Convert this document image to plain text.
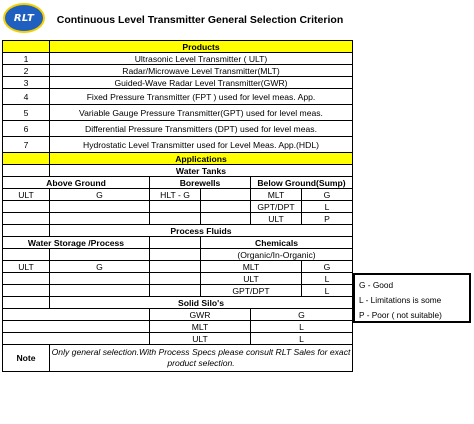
RLT	Continuous Level Transmitter General Selection Criterion
	Products				
1	Ultrasonic Level Transmitter ( ULT)				
2	Radar/Microwave Level Transmitter(MLT)				
3	Guided-Wave Radar Level Transmitter(GWR)				
4	Fixed Pressure Transmitter (FPT ) used for level meas. App.				
5	Variable Gauge Pressure Transmitter(GPT) used for level meas.				
6	Differential Pressure Transmitters (DPT) used for level meas.				
7	Hydrostatic Level Transmitter used for Level Meas. App.(HDL)				
	Applications				
	Water Tanks				
Above Ground		Borewells		Below Ground(Sump)	
ULT	G	HLT - G		MLT	G
				GPT/DPT	L
				ULT	P
	Process Fluids				
Water Storage /Process			Chemicals		
			(Organic/In-Organic)		
ULT	G		MLT		G
			ULT		L
			GPT/DPT		L
	Solid Silo's				
		GWR		G	
		MLT		L	
		ULT		L	
Note	Only general selection.With Process Specs please consult RLT Sales for exact product selection.				
G - Good
L - Limitations is some
P - Poor ( not suitable)
